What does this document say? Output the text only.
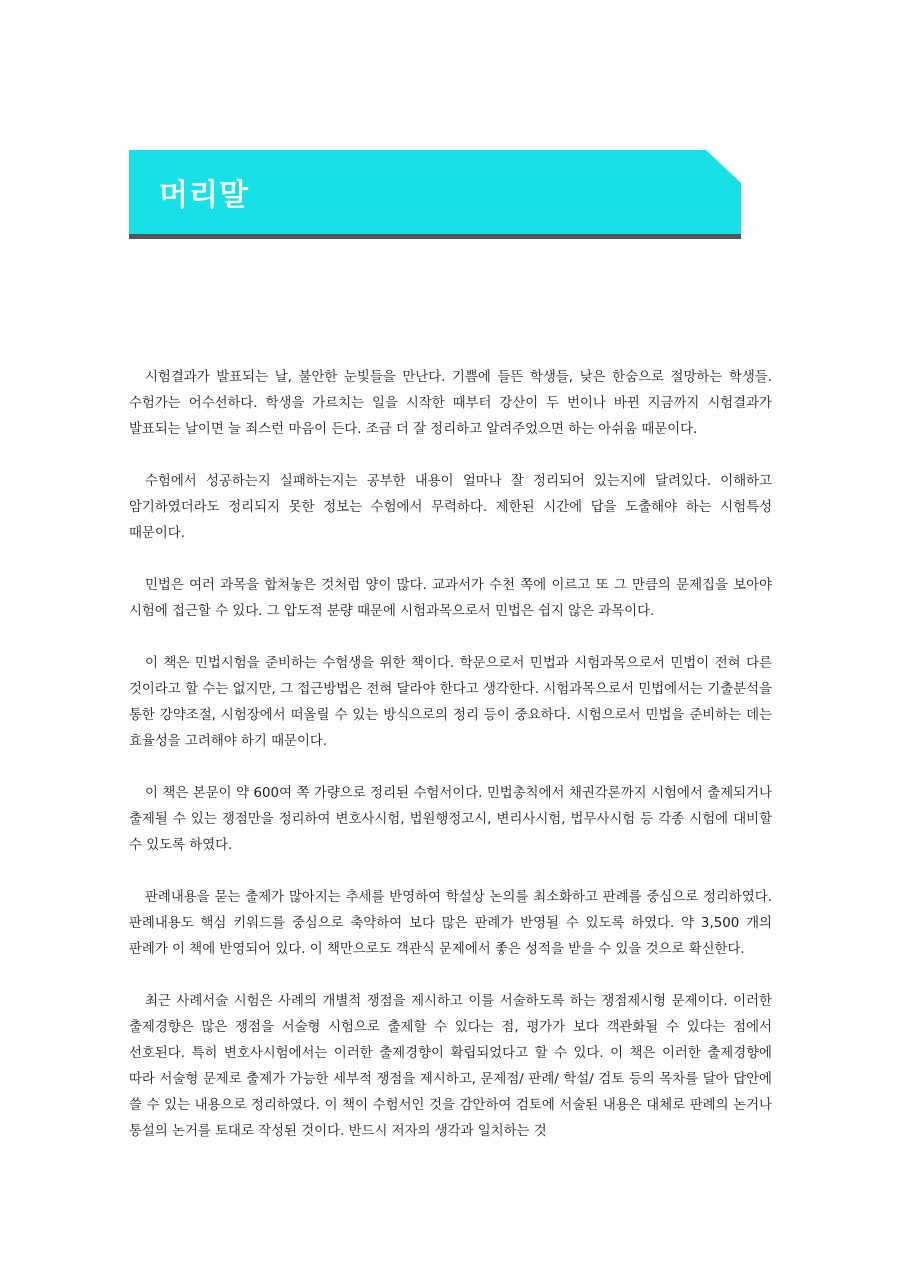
머리말

시험결과가 발표되는 날, 불안한 눈빛들을 만난다. 기쁨에 들뜬 학생들, 낮은 한숨으로 절망하는 학생들. 수험가는 어수선하다. 학생을 가르치는 일을 시작한 때부터 강산이 두 번이나 바뀐 지금까지 시험결과가 발표되는 날이면 늘 죄스런 마음이 든다. 조금 더 잘 정리하고 알려주었으면 하는 아쉬움 때문이다.

수험에서 성공하는지 실패하는지는 공부한 내용이 얼마나 잘 정리되어 있는지에 달려있다. 이해하고 암기하였더라도 정리되지 못한 정보는 수험에서 무력하다. 제한된 시간에 답을 도출해야 하는 시험특성 때문이다.

민법은 여러 과목을 합쳐놓은 것처럼 양이 많다. 교과서가 수천 쪽에 이르고 또 그 만큼의 문제집을 보아야 시험에 접근할 수 있다. 그 압도적 분량 때문에 시험과목으로서 민법은 쉽지 않은 과목이다.

이 책은 민법시험을 준비하는 수험생을 위한 책이다. 학문으로서 민법과 시험과목으로서 민법이 전혀 다른 것이라고 할 수는 없지만, 그 접근방법은 전혀 달라야 한다고 생각한다. 시험과목으로서 민법에서는 기출분석을 통한 강약조절, 시험장에서 떠올릴 수 있는 방식으로의 정리 등이 중요하다. 시험으로서 민법을 준비하는 데는 효율성을 고려해야 하기 때문이다.

이 책은 본문이 약 600여 쪽 가량으로 정리된 수험서이다. 민법총칙에서 채권각론까지 시험에서 출제되거나 출제될 수 있는 쟁점만을 정리하여 변호사시험, 법원행정고시, 변리사시험, 법무사시험 등 각종 시험에 대비할 수 있도록 하였다.

판례내용을 묻는 출제가 많아지는 추세를 반영하여 학설상 논의를 최소화하고 판례를 중심으로 정리하였다. 판례내용도 핵심 키워드를 중심으로 축약하여 보다 많은 판례가 반영될 수 있도록 하였다. 약 3,500 개의 판례가 이 책에 반영되어 있다. 이 책만으로도 객관식 문제에서 좋은 성적을 받을 수 있을 것으로 확신한다.

최근 사례서술 시험은 사례의 개별적 쟁점을 제시하고 이를 서술하도록 하는 쟁점제시형 문제이다. 이러한 출제경향은 많은 쟁점을 서술형 시험으로 출제할 수 있다는 점, 평가가 보다 객관화될 수 있다는 점에서 선호된다. 특히 변호사시험에서는 이러한 출제경향이 확립되었다고 할 수 있다. 이 책은 이러한 출제경향에 따라 서술형 문제로 출제가 가능한 세부적 쟁점을 제시하고, 문제점/ 판례/ 학설/ 검토 등의 목차를 달아 답안에 쓸 수 있는 내용으로 정리하였다. 이 책이 수험서인 것을 감안하여 검토에 서술된 내용은 대체로 판례의 논거나 통설의 논거를 토대로 작성된 것이다. 반드시 저자의 생각과 일치하는 것
